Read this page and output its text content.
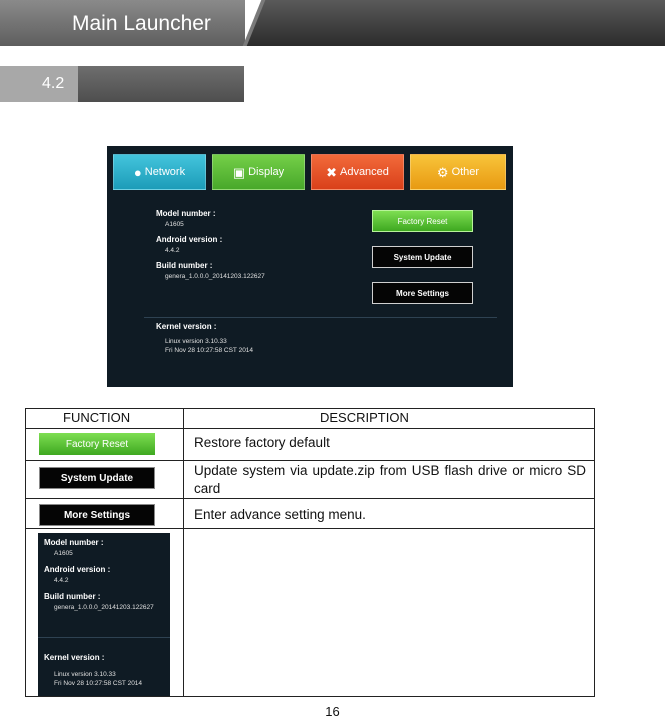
Main Launcher
4.2
● Network	▣ Display	✖ Advanced	⚙ Other
Model number :
A1605
Android version :
4.4.2
Build number :
genera_1.0.0.0_20141203.122627
Factory Reset
System Update
More Settings
Kernel version :
Linux version 3.10.33
Fri Nov 28 10:27:58 CST 2014
FUNCTION	DESCRIPTION
Factory Reset	Restore factory default
System Update	Update system via update.zip from USB flash drive or micro SD card
More Settings	Enter advance setting menu.
Model number :
A1605
Android version :
4.4.2
Build number :
genera_1.0.0.0_20141203.122627
Kernel version :
Linux version 3.10.33
Fri Nov 28 10:27:58 CST 2014
16
